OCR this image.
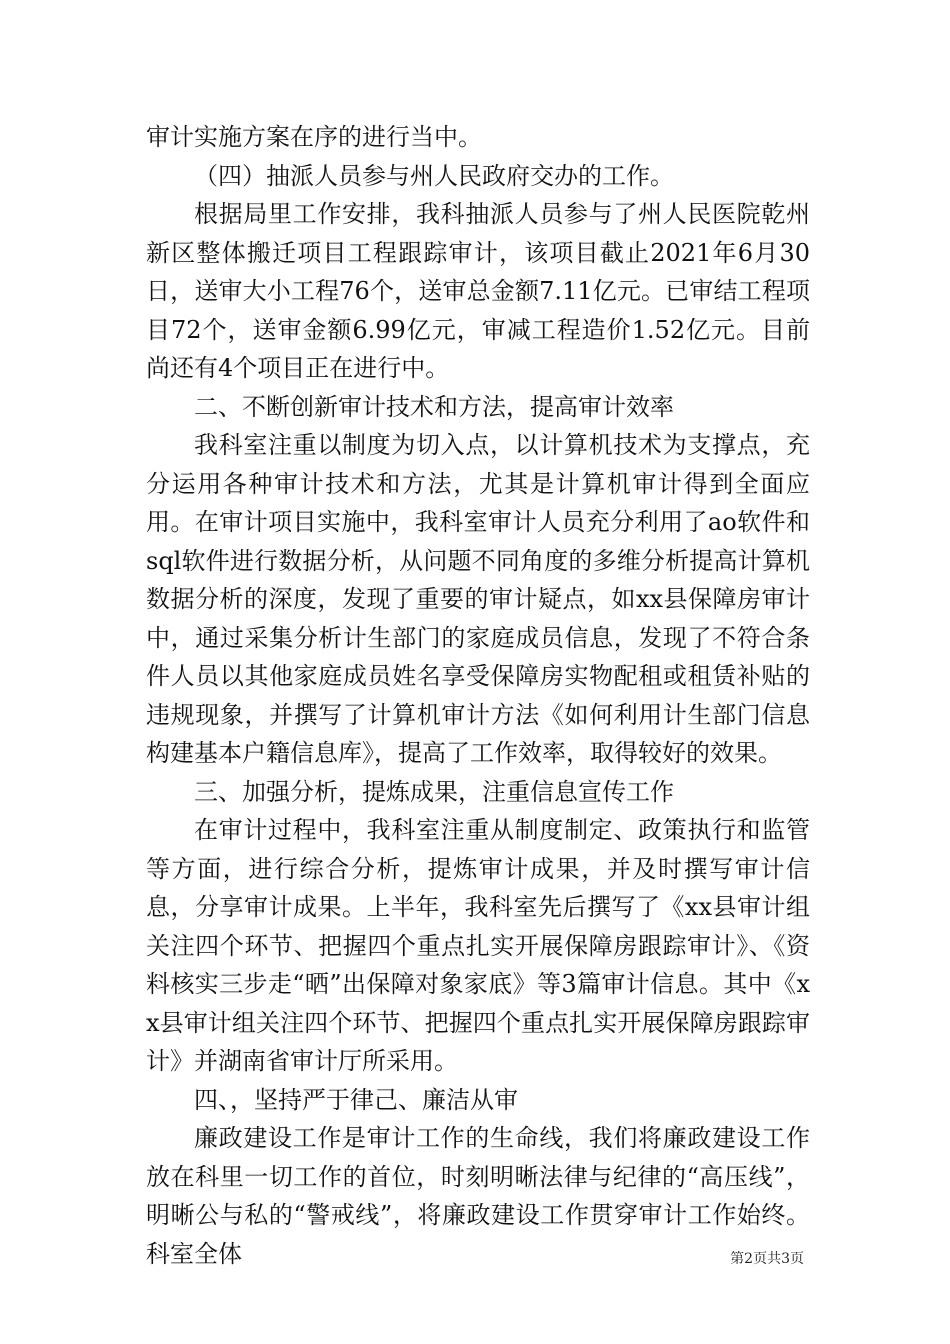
审计实施方案在序的进行当中。

（四）抽派人员参与州人民政府交办的工作。

根据局里工作安排，我科抽派人员参与了州人民医院乾州新区整体搬迁项目工程跟踪审计，该项目截止2021年6月30日，送审大小工程76个，送审总金额7.11亿元。已审结工程项目72个，送审金额6.99亿元，审减工程造价1.52亿元。目前尚还有4个项目正在进行中。

二、不断创新审计技术和方法，提高审计效率

我科室注重以制度为切入点，以计算机技术为支撑点，充分运用各种审计技术和方法，尤其是计算机审计得到全面应用。在审计项目实施中，我科室审计人员充分利用了ao软件和sql软件进行数据分析，从问题不同角度的多维分析提高计算机数据分析的深度，发现了重要的审计疑点，如xx县保障房审计中，通过采集分析计生部门的家庭成员信息，发现了不符合条件人员以其他家庭成员姓名享受保障房实物配租或租赁补贴的违规现象，并撰写了计算机审计方法《如何利用计生部门信息构建基本户籍信息库》，提高了工作效率，取得较好的效果。

三、加强分析，提炼成果，注重信息宣传工作

在审计过程中，我科室注重从制度制定、政策执行和监管等方面，进行综合分析，提炼审计成果，并及时撰写审计信息，分享审计成果。上半年，我科室先后撰写了《xx县审计组关注四个环节、把握四个重点扎实开展保障房跟踪审计》、《资料核实三步走“晒”出保障对象家底》等3篇审计信息。其中《xx县审计组关注四个环节、把握四个重点扎实开展保障房跟踪审计》并湖南省审计厅所采用。

四、，坚持严于律己、廉洁从审

廉政建设工作是审计工作的生命线，我们将廉政建设工作放在科里一切工作的首位，时刻明晰法律与纪律的“高压线”，明晰公与私的“警戒线”，将廉政建设工作贯穿审计工作始终。科室全体	第2页共3页
